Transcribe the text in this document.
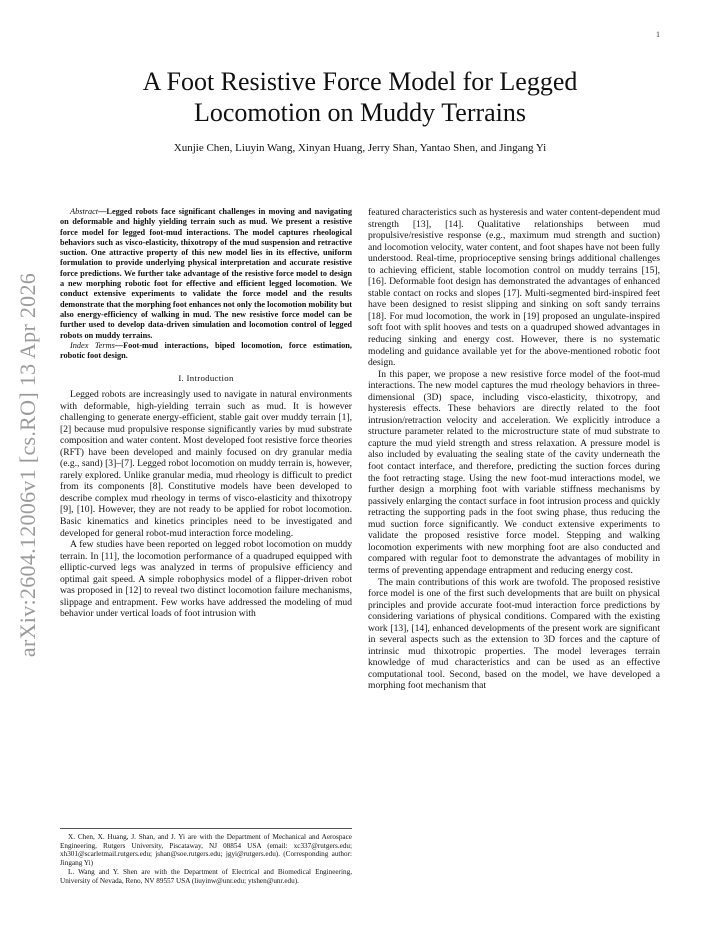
1
arXiv:2604.12006v1 [cs.RO] 13 Apr 2026
A Foot Resistive Force Model for Legged
Locomotion on Muddy Terrains

Xunjie Chen, Liuyin Wang, Xinyan Huang, Jerry Shan, Yantao Shen, and Jingang Yi

Abstract—Legged robots face significant challenges in moving and navigating on deformable and highly yielding terrain such as mud. We present a resistive force model for legged foot-mud interactions. The model captures rheological behaviors such as visco-elasticity, thixotropy of the mud suspension and retractive suction. One attractive property of this new model lies in its effective, uniform formulation to provide underlying physical interpretation and accurate resistive force predictions. We further take advantage of the resistive force model to design a new morphing robotic foot for effective and efficient legged locomotion. We conduct extensive experiments to validate the force model and the results demonstrate that the morphing foot enhances not only the locomotion mobility but also energy-efficiency of walking in mud. The new resistive force model can be further used to develop data-driven simulation and locomotion control of legged robots on muddy terrains.

Index Terms—Foot-mud interactions, biped locomotion, force estimation, robotic foot design.

I. Introduction

Legged robots are increasingly used to navigate in natural environments with deformable, high-yielding terrain such as mud. It is however challenging to generate energy-efficient, stable gait over muddy terrain [1], [2] because mud propulsive response significantly varies by mud substrate composition and water content. Most developed foot resistive force theories (RFT) have been developed and mainly focused on dry granular media (e.g., sand) [3]–[7]. Legged robot locomotion on muddy terrain is, however, rarely explored. Unlike granular media, mud rheology is difficult to predict from its components [8]. Constitutive models have been developed to describe complex mud rheology in terms of visco-elasticity and thixotropy [9], [10]. However, they are not ready to be applied for robot locomotion. Basic kinematics and kinetics principles need to be investigated and developed for general robot-mud interaction force modeling.

A few studies have been reported on legged robot locomotion on muddy terrain. In [11], the locomotion performance of a quadruped equipped with elliptic-curved legs was analyzed in terms of propulsive efficiency and optimal gait speed. A simple robophysics model of a flipper-driven robot was proposed in [12] to reveal two distinct locomotion failure mechanisms, slippage and entrapment. Few works have addressed the modeling of mud behavior under vertical loads of foot intrusion with

X. Chen, X. Huang, J. Shan, and J. Yi are with the Department of Mechanical and Aerospace Engineering, Rutgers University, Piscataway, NJ 08854 USA (email: xc337@rutgers.edu; xh301@scarletmail.rutgers.edu; jshan@soe.rutgers.edu; jgyi@rutgers.edu). (Corresponding author: Jingang Yi)

L. Wang and Y. Shen are with the Department of Electrical and Biomedical Engineering, University of Nevada, Reno, NV 89557 USA (liuyinw@unr.edu; ytshen@unr.edu).

featured characteristics such as hysteresis and water content-dependent mud strength [13], [14]. Qualitative relationships between mud propulsive/resistive response (e.g., maximum mud strength and suction) and locomotion velocity, water content, and foot shapes have not been fully understood. Real-time, proprioceptive sensing brings additional challenges to achieving efficient, stable locomotion control on muddy terrains [15], [16]. Deformable foot design has demonstrated the advantages of enhanced stable contact on rocks and slopes [17]. Multi-segmented bird-inspired feet have been designed to resist slipping and sinking on soft sandy terrains [18]. For mud locomotion, the work in [19] proposed an ungulate-inspired soft foot with split hooves and tests on a quadruped showed advantages in reducing sinking and energy cost. However, there is no systematic modeling and guidance available yet for the above-mentioned robotic foot design.

In this paper, we propose a new resistive force model of the foot-mud interactions. The new model captures the mud rheology behaviors in three-dimensional (3D) space, including visco-elasticity, thixotropy, and hysteresis effects. These behaviors are directly related to the foot intrusion/retraction velocity and acceleration. We explicitly introduce a structure parameter related to the microstructure state of mud substrate to capture the mud yield strength and stress relaxation. A pressure model is also included by evaluating the sealing state of the cavity underneath the foot contact interface, and therefore, predicting the suction forces during the foot retracting stage. Using the new foot-mud interactions model, we further design a morphing foot with variable stiffness mechanisms by passively enlarging the contact surface in foot intrusion process and quickly retracting the supporting pads in the foot swing phase, thus reducing the mud suction force significantly. We conduct extensive experiments to validate the proposed resistive force model. Stepping and walking locomotion experiments with new morphing foot are also conducted and compared with regular foot to demonstrate the advantages of mobility in terms of preventing appendage entrapment and reducing energy cost.

The main contributions of this work are twofold. The proposed resistive force model is one of the first such developments that are built on physical principles and provide accurate foot-mud interaction force predictions by considering variations of physical conditions. Compared with the existing work [13], [14], enhanced developments of the present work are significant in several aspects such as the extension to 3D forces and the capture of intrinsic mud thixotropic properties. The model leverages terrain knowledge of mud characteristics and can be used as an effective computational tool. Second, based on the model, we have developed a morphing foot mechanism that
